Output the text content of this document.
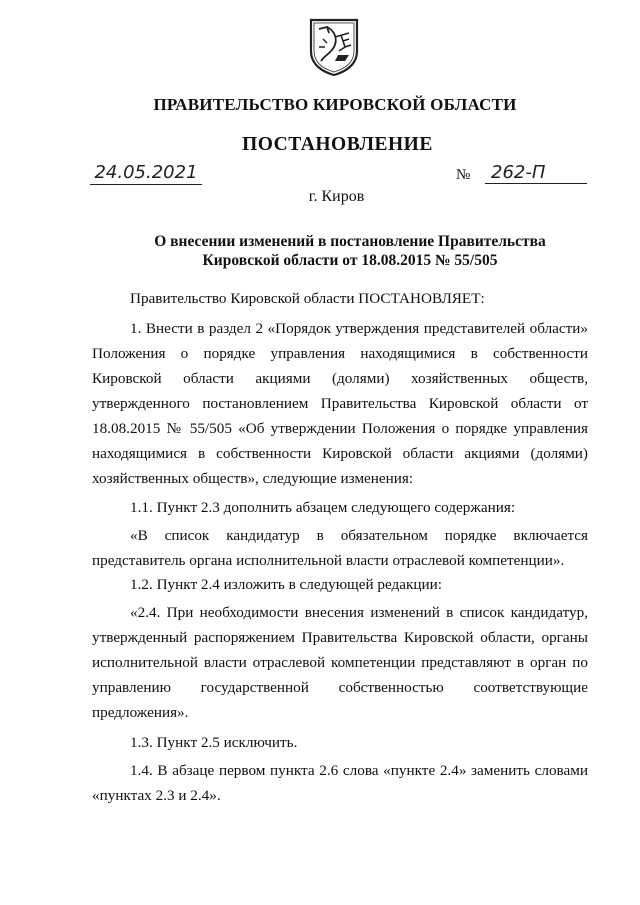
ПРАВИТЕЛЬСТВО КИРОВСКОЙ ОБЛАСТИ
ПОСТАНОВЛЕНИЕ
24.05.2021	№	262-П
г. Киров
О внесении изменений в постановление Правительства
Кировской области от 18.08.2015 № 55/505
Правительство Кировской области ПОСТАНОВЛЯЕТ:
1. Внести в раздел 2 «Порядок утверждения представителей области» Положения о порядке управления находящимися в собственности Кировской области акциями (долями) хозяйственных обществ, утвержденного постановлением Правительства Кировской области от 18.08.2015 № 55/505 «Об утверждении Положения о порядке управления находящимися в собственности Кировской области акциями (долями) хозяйственных обществ», следующие изменения:
1.1. Пункт 2.3 дополнить абзацем следующего содержания:
«В список кандидатур в обязательном порядке включается представитель органа исполнительной власти отраслевой компетенции».
1.2. Пункт 2.4 изложить в следующей редакции:
«2.4. При необходимости внесения изменений в список кандидатур, утвержденный распоряжением Правительства Кировской области, органы исполнительной власти отраслевой компетенции представляют в орган по управлению государственной собственностью соответствующие предложения».
1.3. Пункт 2.5 исключить.
1.4. В абзаце первом пункта 2.6 слова «пункте 2.4» заменить словами «пунктах 2.3 и 2.4».
